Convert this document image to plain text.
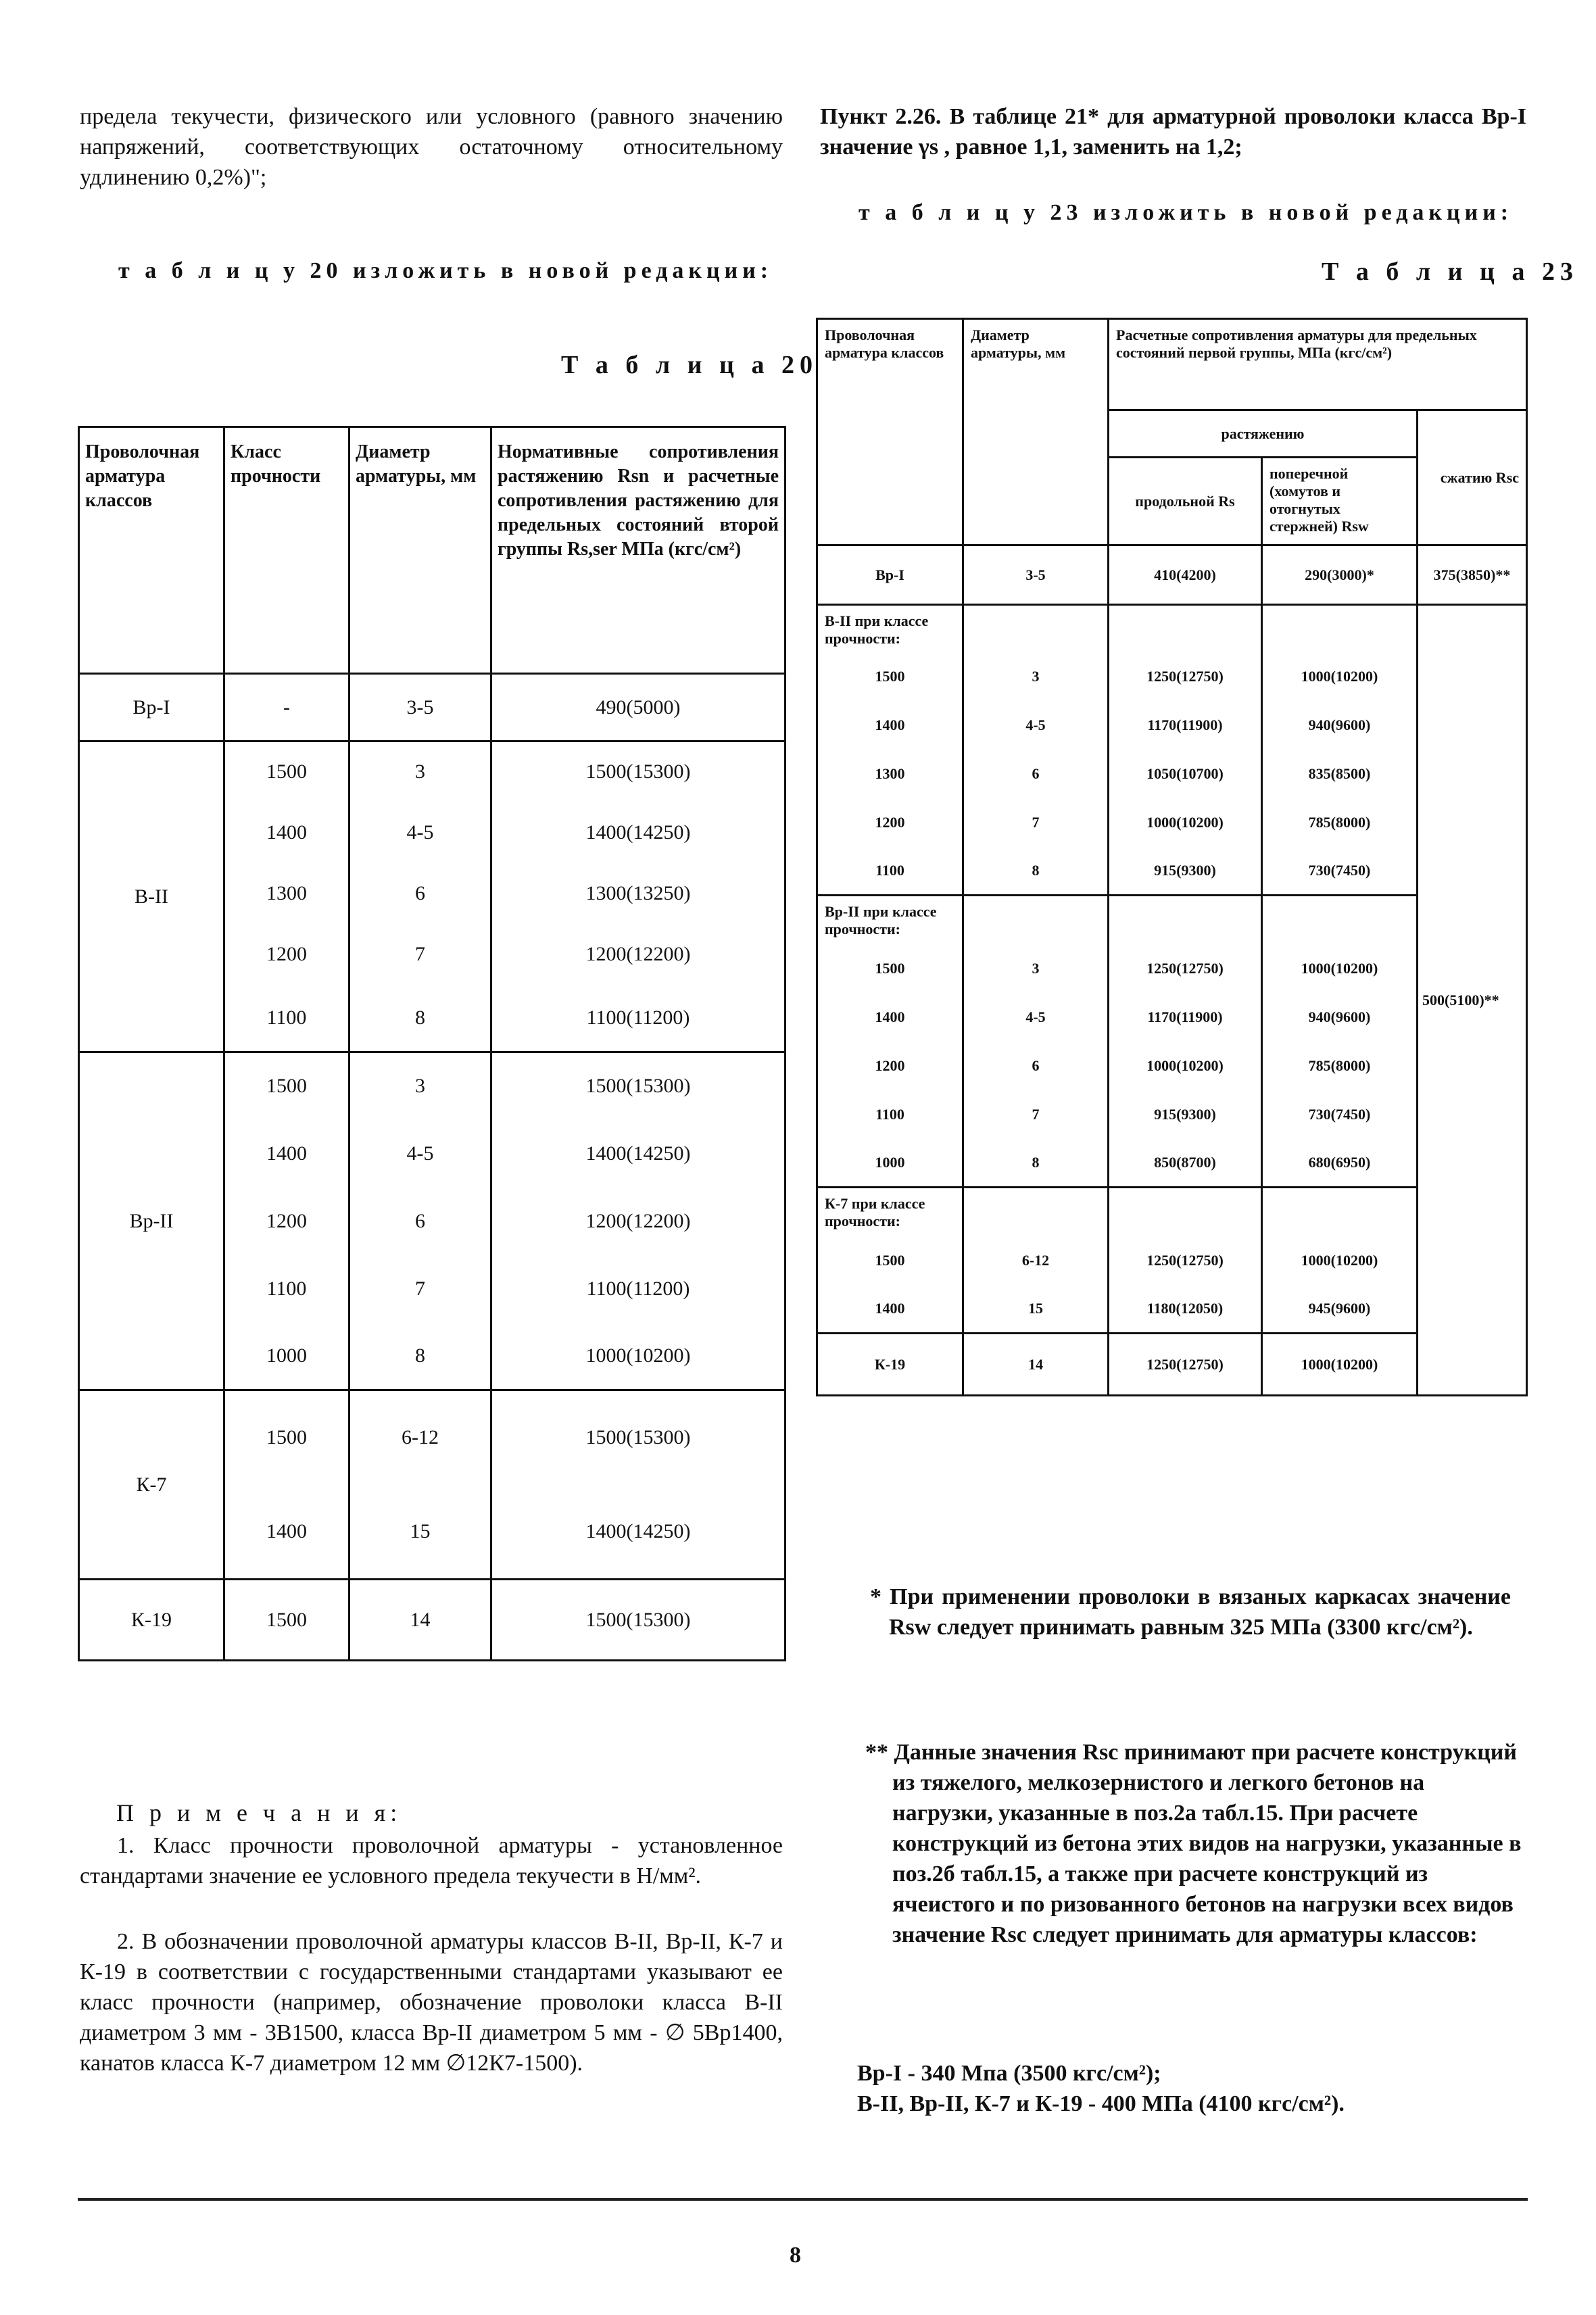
предела текучести, физического или условного (равного значению напряжений, соответствующих остаточному относительному удлинению 0,2%)";

т а б л и ц у 20 изложить в новой редакции:
Т а б л и ц а 20
Проволочная арматура классов	Класс прочности	Диаметр арматуры, мм	Нормативные сопротивления растяжению Rsn и расчетные сопротивления растяжению для предельных состояний второй группы Rs,ser МПа (кгс/см²)
Вр-I	-	3-5	490(5000)
В-II	1500	3	1500(15300)
	1400	4-5	1400(14250)
	1300	6	1300(13250)
	1200	7	1200(12200)
	1100	8	1100(11200)
Вр-II	1500	3	1500(15300)
	1400	4-5	1400(14250)
	1200	6	1200(12200)
	1100	7	1100(11200)
	1000	8	1000(10200)
К-7	1500	6-12	1500(15300)
	1400	15	1400(14250)
К-19	1500	14	1500(15300)
П р и м е ч а н и я:

1. Класс прочности проволочной арматуры - установленное стандартами значение ее условного предела текучести в Н/мм².

2. В обозначении проволочной арматуры классов В-II, Вр-II, К-7 и К-19 в соответствии с государственными стандартами указывают ее класс прочности (например, обозначение проволоки класса В-II диаметром 3 мм - 3В1500, класса Вр-II диаметром 5 мм - ∅ 5Вр1400, канатов класса К-7 диаметром 12 мм ∅12К7-1500).

Пункт 2.26. В таблице 21* для арматурной проволоки класса Вр-I значение γs , равное 1,1, заменить на 1,2;

т а б л и ц у 23 изложить в новой редакции:
Т а б л и ц а 23
Проволочная арматура классов	Диаметр арматуры, мм	Расчетные сопротивления арматуры для предельных состояний первой группы, МПа (кгс/см²)		
		растяжению		сжатию Rsc
		продольной Rs	поперечной (хомутов и отогнутых стержней) Rsw	
Вр-I	3-5	410(4200)	290(3000)*	375(3850)**
В-II при классе прочности:				500(5100)**
1500	3	1250(12750)	1000(10200)	
1400	4-5	1170(11900)	940(9600)	
1300	6	1050(10700)	835(8500)	
1200	7	1000(10200)	785(8000)	
1100	8	915(9300)	730(7450)	
Вр-II при классе прочности:				
1500	3	1250(12750)	1000(10200)	
1400	4-5	1170(11900)	940(9600)	
1200	6	1000(10200)	785(8000)	
1100	7	915(9300)	730(7450)	
1000	8	850(8700)	680(6950)	
К-7 при классе прочности:				
1500	6-12	1250(12750)	1000(10200)	
1400	15	1180(12050)	945(9600)	
К-19	14	1250(12750)	1000(10200)	

* При применении проволоки в вязаных каркасах значение Rsw следует принимать равным 325 МПа (3300 кгс/см²).

** Данные значения Rsc принимают при расчете конструкций из тяжелого, мелкозернистого и легкого бетонов на нагрузки, указанные в поз.2а табл.15. При расчете конструкций из бетона этих видов на нагрузки, указанные в поз.2б табл.15, а также при расчете конструкций из ячеистого и по ризованного бетонов на нагрузки всех видов значение Rsc следует принимать для арматуры классов:

Вр-I - 340 Мпа (3500 кгс/см²);

В-II, Вр-II, К-7 и К-19 - 400 МПа (4100 кгс/см²).

8
